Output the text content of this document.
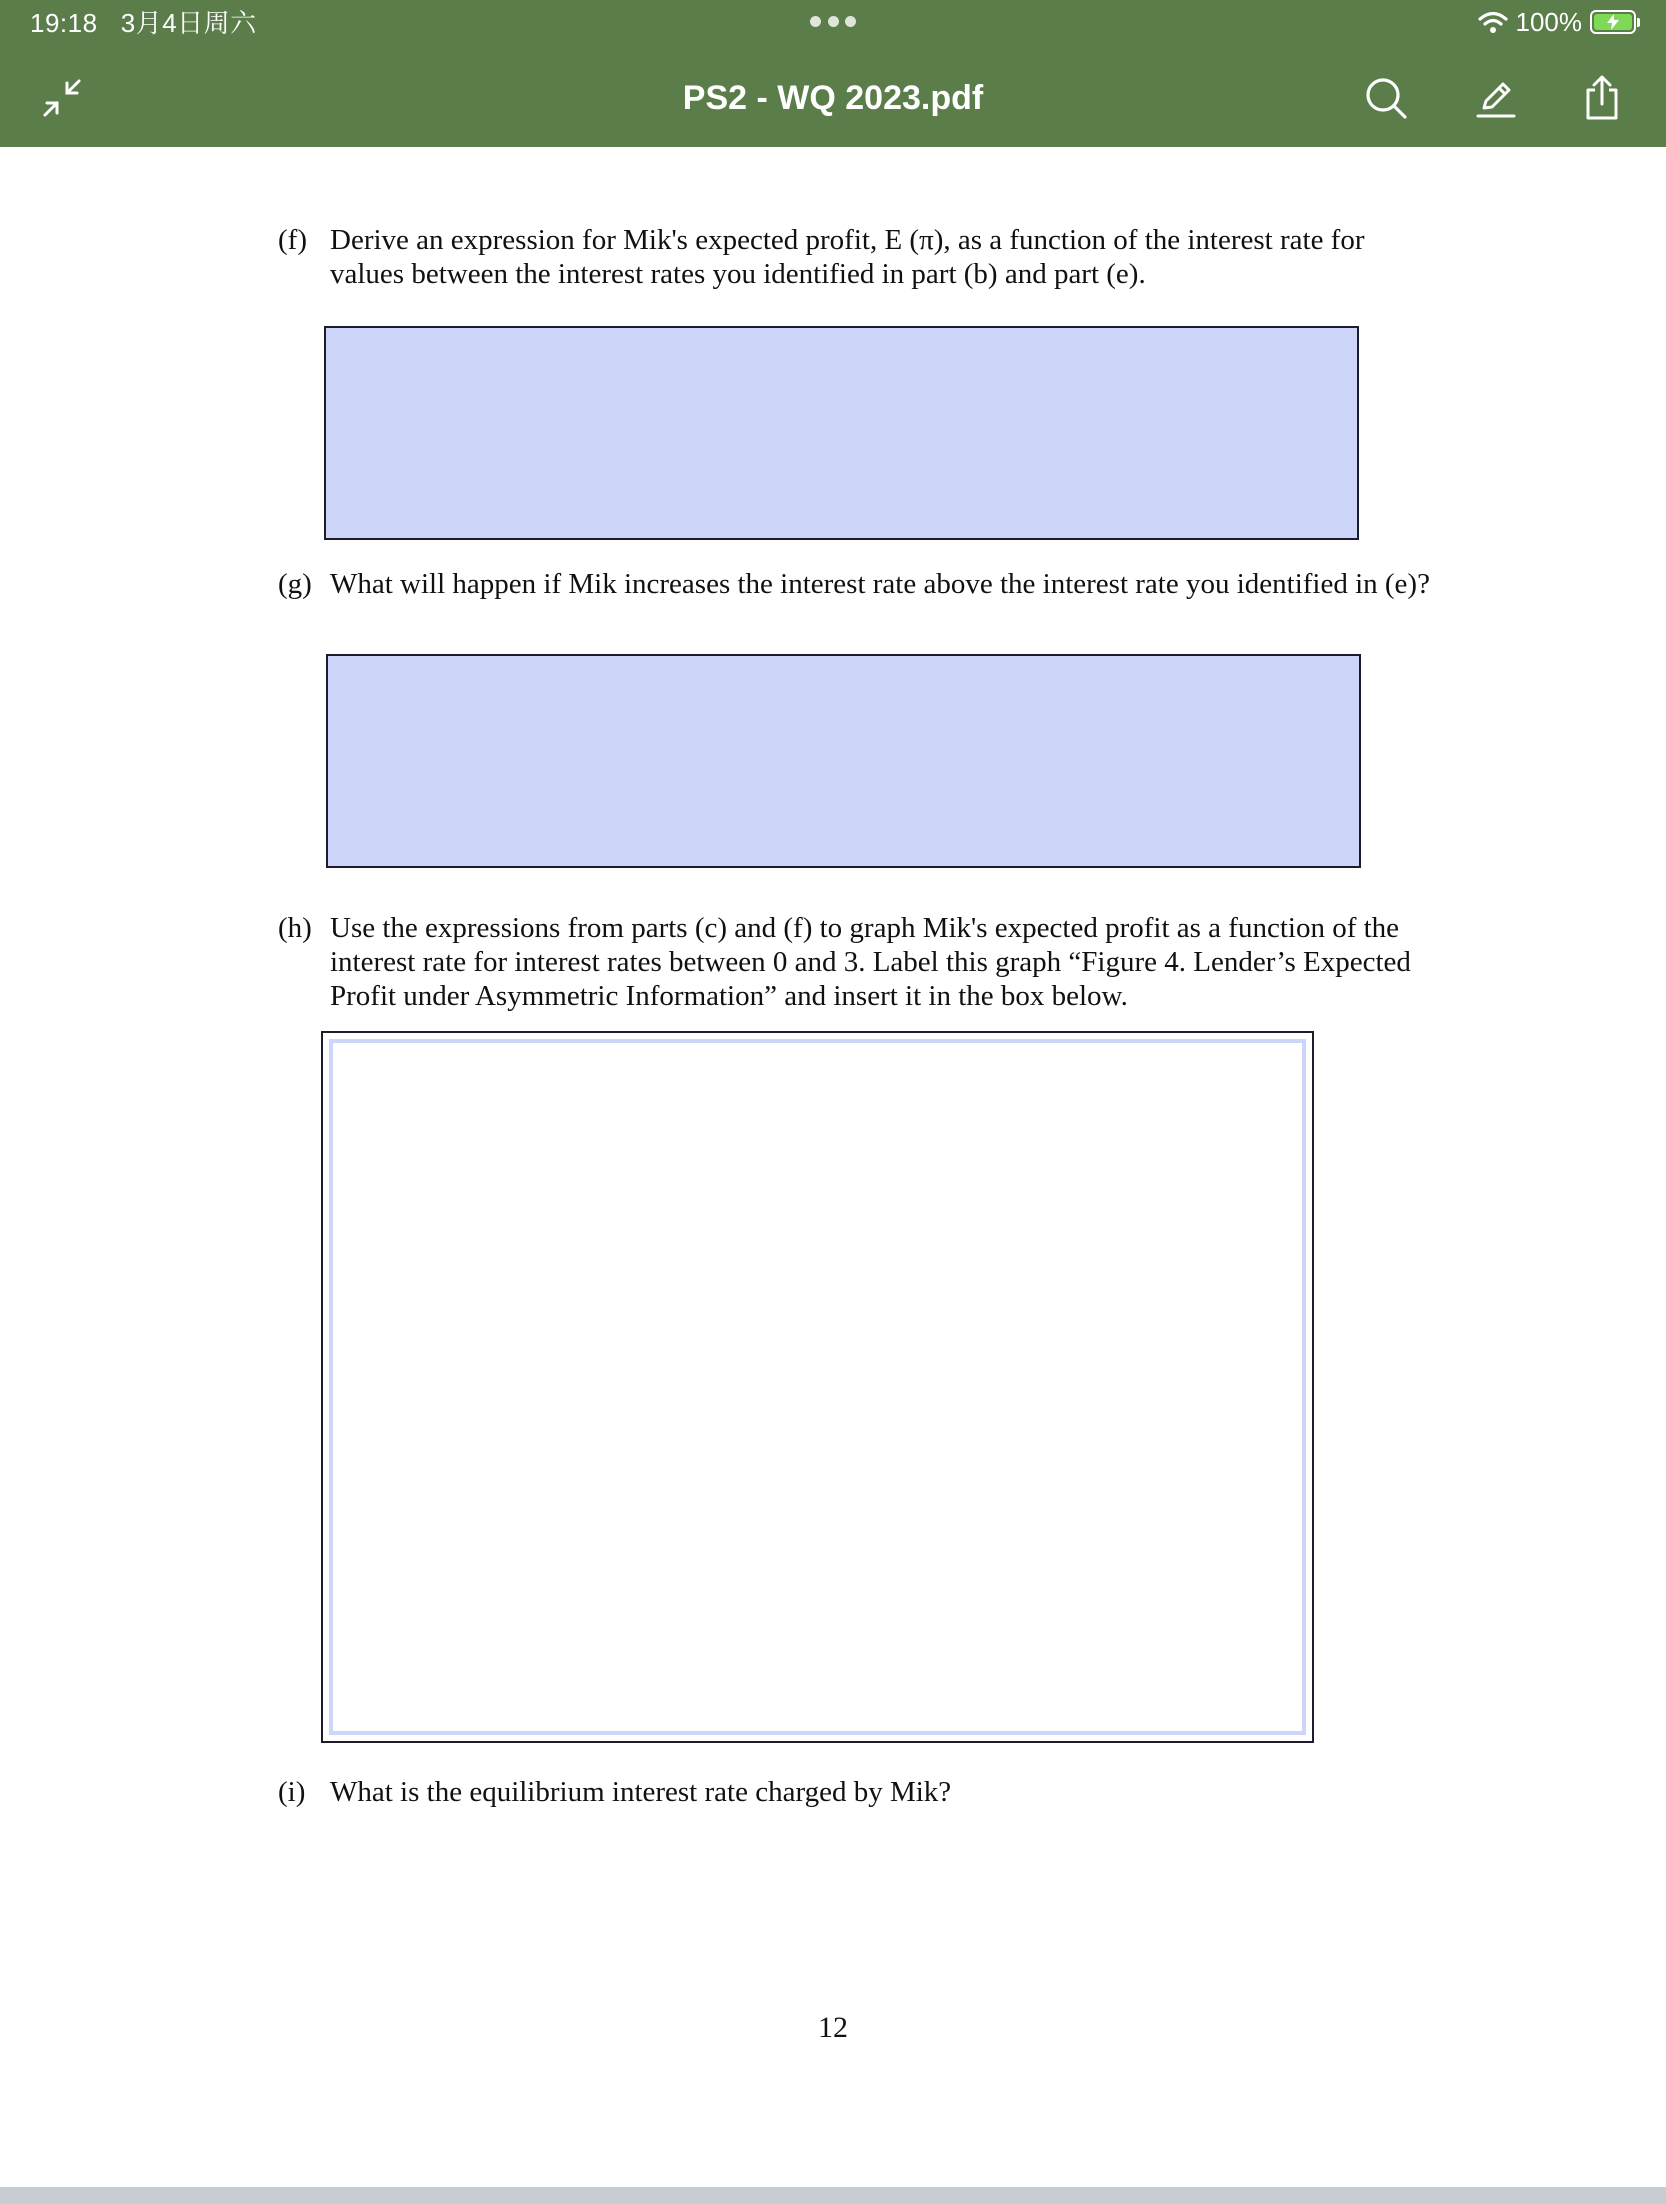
19:18 3月4日周六	100%
PS2 - WQ 2023.pdf
(f) Derive an expression for Mik's expected profit, E (π), as a function of the interest rate for values between the interest rates you identified in part (b) and part (e).
(g) What will happen if Mik increases the interest rate above the interest rate you identified in (e)?
(h) Use the expressions from parts (c) and (f) to graph Mik's expected profit as a function of the interest rate for interest rates between 0 and 3. Label this graph “Figure 4. Lender’s Expected Profit under Asymmetric Information” and insert it in the box below.
(i) What is the equilibrium interest rate charged by Mik?
12
